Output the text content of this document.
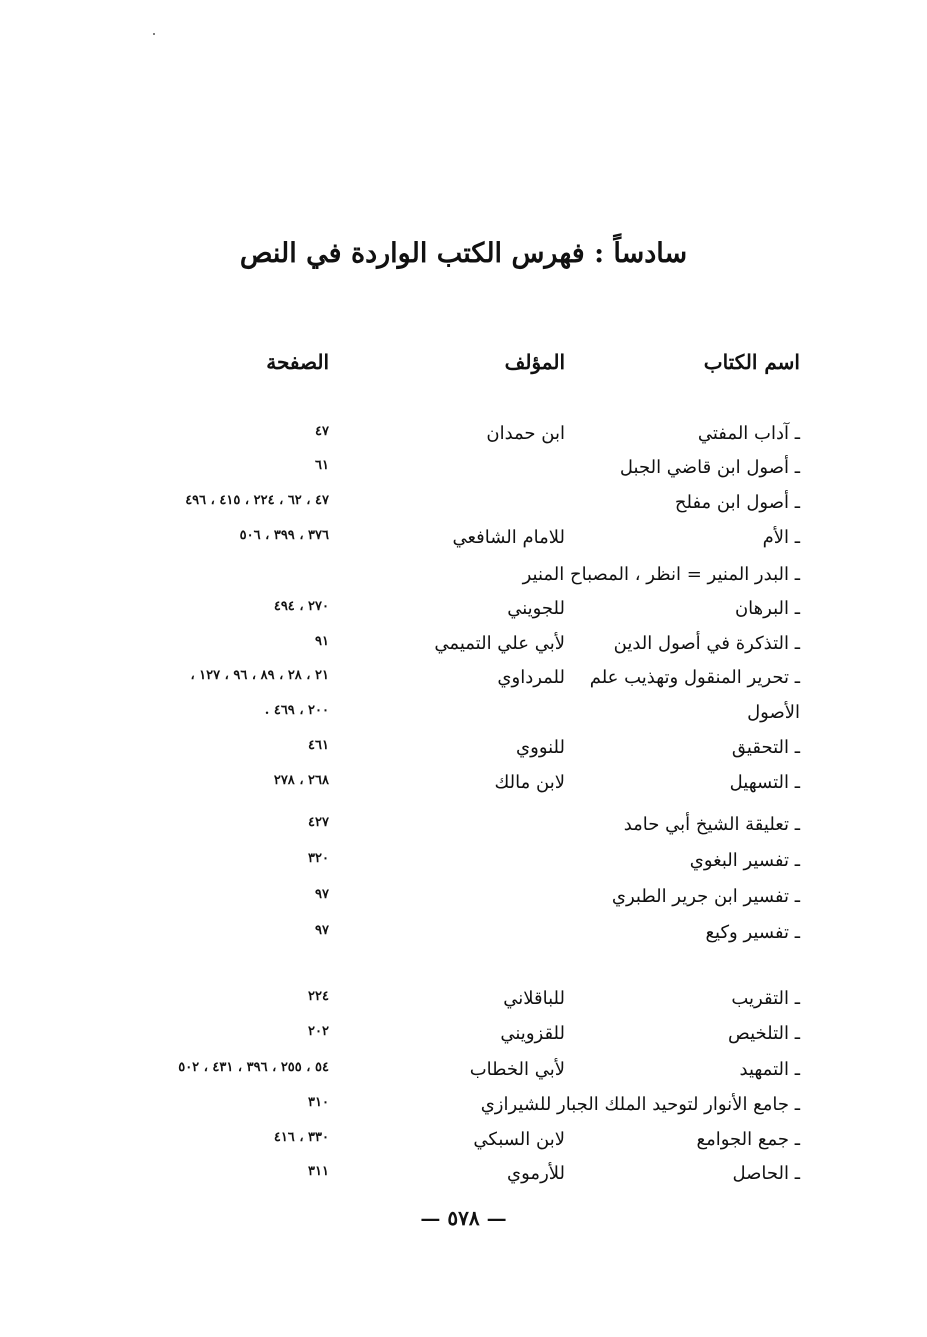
سادساً : فهرس الكتب الواردة في النص
اسم الكتاب
المؤلف
الصفحة
ـ آداب المفتي
ابن حمدان
٤٧
ـ أصول ابن قاضي الجبل
٦١
ـ أصول ابن مفلح
٤٧ ، ٦٢ ، ٢٢٤ ، ٤١٥ ، ٤٩٦
ـ الأم
للامام الشافعي
٣٧٦ ، ٣٩٩ ، ٥٠٦
ـ البدر المنير = انظر ، المصباح المنير
ـ البرهان
للجويني
٢٧٠ ، ٤٩٤
ـ التذكرة في أصول الدين
لأبي علي التميمي
٩١
ـ تحرير المنقول وتهذيب علم
للمرداوي
٢١ ، ٢٨ ، ٨٩ ، ٩٦ ، ١٢٧ ،
الأصول
٢٠٠ ، ٤٦٩ .
ـ التحقيق
للنووي
٤٦١
ـ التسهيل
لابن مالك
٢٦٨ ، ٢٧٨
ـ تعليقة الشيخ أبي حامد
٤٢٧
ـ تفسير البغوي
٣٢٠
ـ تفسير ابن جرير الطبري
٩٧
ـ تفسير وكيع
٩٧
ـ التقريب
للباقلاني
٢٢٤
ـ التلخيص
للقزويني
٢٠٢
ـ التمهيد
لأبي الخطاب
٥٤ ، ٢٥٥ ، ٣٩٦ ، ٤٣١ ، ٥٠٢
ـ جامع الأنوار لتوحيد الملك الجبار للشيرازي
٣١٠
ـ جمع الجوامع
لابن السبكي
٣٣٠ ، ٤١٦
ـ الحاصل
للأرموي
٣١١
— ٥٧٨ —
